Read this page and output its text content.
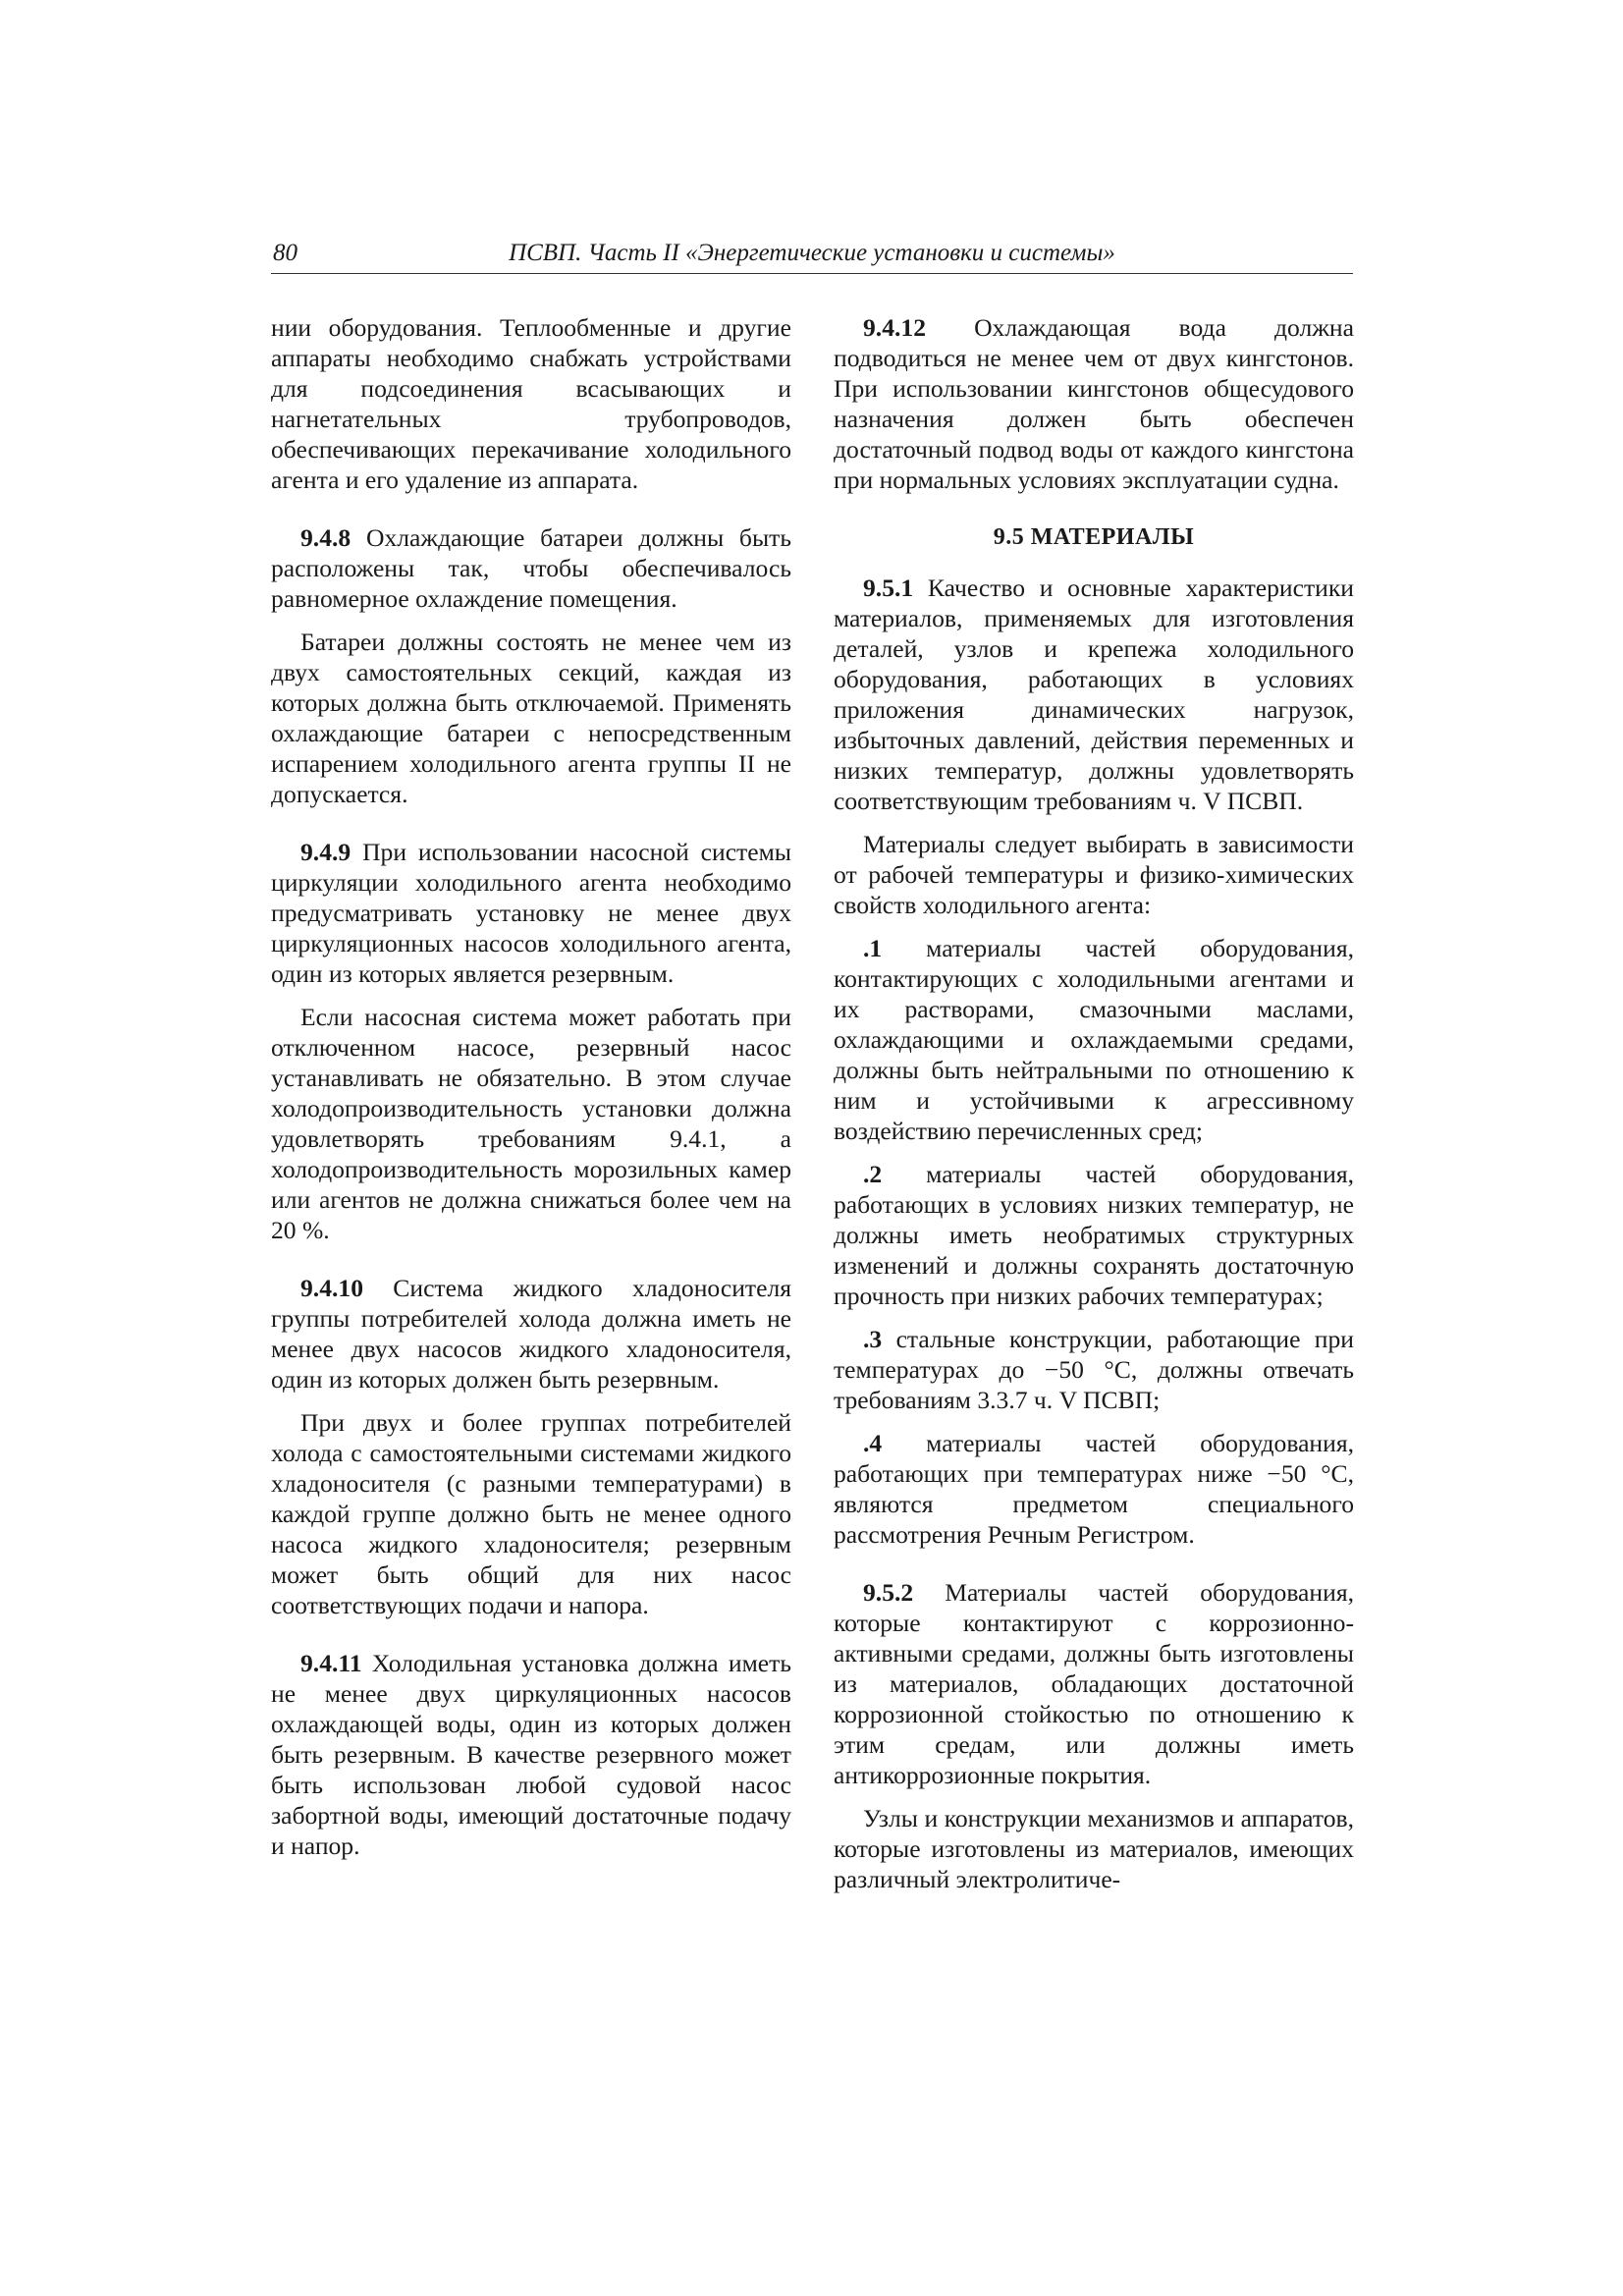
80	ПСВП. Часть II «Энергетические установки и системы»

нии оборудования. Теплообменные и другие аппараты необходимо снабжать устройствами для подсоединения всасывающих и нагнетательных трубопроводов, обеспечивающих перекачивание холодильного агента и его удаление из аппарата.

9.4.8 Охлаждающие батареи должны быть расположены так, чтобы обеспечивалось равномерное охлаждение помещения.

Батареи должны состоять не менее чем из двух самостоятельных секций, каждая из которых должна быть отключаемой. Применять охлаждающие батареи с непосредственным испарением холодильного агента группы II не допускается.

9.4.9 При использовании насосной системы циркуляции холодильного агента необходимо предусматривать установку не менее двух циркуляционных насосов холодильного агента, один из которых является резервным.

Если насосная система может работать при отключенном насосе, резервный насос устанавливать не обязательно. В этом случае холодопроизводительность установки должна удовлетворять требованиям 9.4.1, а холодопроизводительность морозильных камер или агентов не должна снижаться более чем на 20 %.

9.4.10 Система жидкого хладоносителя группы потребителей холода должна иметь не менее двух насосов жидкого хладоносителя, один из которых должен быть резервным.

При двух и более группах потребителей холода с самостоятельными системами жидкого хладоносителя (с разными температурами) в каждой группе должно быть не менее одного насоса жидкого хладоносителя; резервным может быть общий для них насос соответствующих подачи и напора.

9.4.11 Холодильная установка должна иметь не менее двух циркуляционных насосов охлаждающей воды, один из которых должен быть резервным. В качестве резервного может быть использован любой судовой насос забортной воды, имеющий достаточные подачу и напор.

9.4.12 Охлаждающая вода должна подводиться не менее чем от двух кингстонов. При использовании кингстонов общесудового назначения должен быть обеспечен достаточный подвод воды от каждого кингстона при нормальных условиях эксплуатации судна.

9.5 МАТЕРИАЛЫ

9.5.1 Качество и основные характеристики материалов, применяемых для изготовления деталей, узлов и крепежа холодильного оборудования, работающих в условиях приложения динамических нагрузок, избыточных давлений, действия переменных и низких температур, должны удовлетворять соответствующим требованиям ч. V ПСВП.

Материалы следует выбирать в зависимости от рабочей температуры и физико-химических свойств холодильного агента:

.1 материалы частей оборудования, контактирующих с холодильными агентами и их растворами, смазочными маслами, охлаждающими и охлаждаемыми средами, должны быть нейтральными по отношению к ним и устойчивыми к агрессивному воздействию перечисленных сред;

.2 материалы частей оборудования, работающих в условиях низких температур, не должны иметь необратимых структурных изменений и должны сохранять достаточную прочность при низких рабочих температурах;

.3 стальные конструкции, работающие при температурах до −50 °C, должны отвечать требованиям 3.3.7 ч. V ПСВП;

.4 материалы частей оборудования, работающих при температурах ниже −50 °C, являются предметом специального рассмотрения Речным Регистром.

9.5.2 Материалы частей оборудования, которые контактируют с коррозионно-активными средами, должны быть изготовлены из материалов, обладающих достаточной коррозионной стойкостью по отношению к этим средам, или должны иметь антикоррозионные покрытия.

Узлы и конструкции механизмов и аппаратов, которые изготовлены из материалов, имеющих различный электролитиче-
